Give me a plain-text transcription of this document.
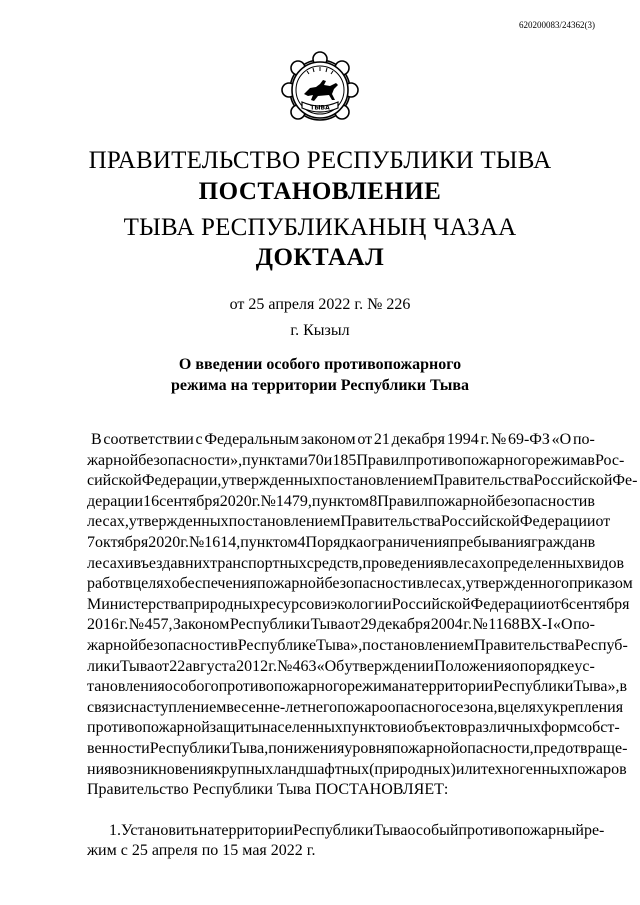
620200083/24362(3)
ТЫВА
ПРАВИТЕЛЬСТВО РЕСПУБЛИКИ ТЫВА
ПОСТАНОВЛЕНИЕ
ТЫВА РЕСПУБЛИКАНЫҢ ЧАЗАА
ДОКТААЛ
от 25 апреля 2022 г. № 226
г. Кызыл
О введении особого противопожарного
режима на территории Республики Тыва
В соответствии с Федеральным законом от 21 декабря 1994 г. № 69-ФЗ «О по-
жарной безопасности», пунктами 70 и 185 Правил противопожарного режима в Рос-
сийской Федерации, утвержденных постановлением Правительства Российской Фе-
дерации 16 сентября 2020 г. № 1479, пунктом 8 Правил пожарной безопасности в
лесах, утвержденных постановлением Правительства Российской Федерации от
7 октября 2020 г. № 1614, пунктом 4 Порядка ограничения пребывания граждан в
лесах и въезда в них транспортных средств, проведения в лесах определенных видов
работ в целях обеспечения пожарной безопасности в лесах, утвержденного приказом
Министерства природных ресурсов и экологии Российской Федерации от 6 сентября
2016 г. № 457, Законом Республики Тыва от 29 декабря 2004 г. № 1168 ВХ-I «О по-
жарной безопасности в Республике Тыва», постановлением Правительства Респуб-
лики Тыва от 22 августа 2012 г. № 463 «Об утверждении Положения о порядке ус-
тановления особого противопожарного режима на территории Республики Тыва», в
связи с наступлением весенне-летнего пожароопасного сезона, в целях укрепления
противопожарной защиты населенных пунктов и объектов различных форм собст-
венности Республики Тыва, понижения уровня пожарной опасности, предотвраще-
ния возникновения крупных ландшафтных (природных) или техногенных пожаров
Правительство Республики Тыва ПОСТАНОВЛЯЕТ:
1. Установить на территории Республики Тыва особый противопожарный ре-
жим с 25 апреля по 15 мая 2022 г.
